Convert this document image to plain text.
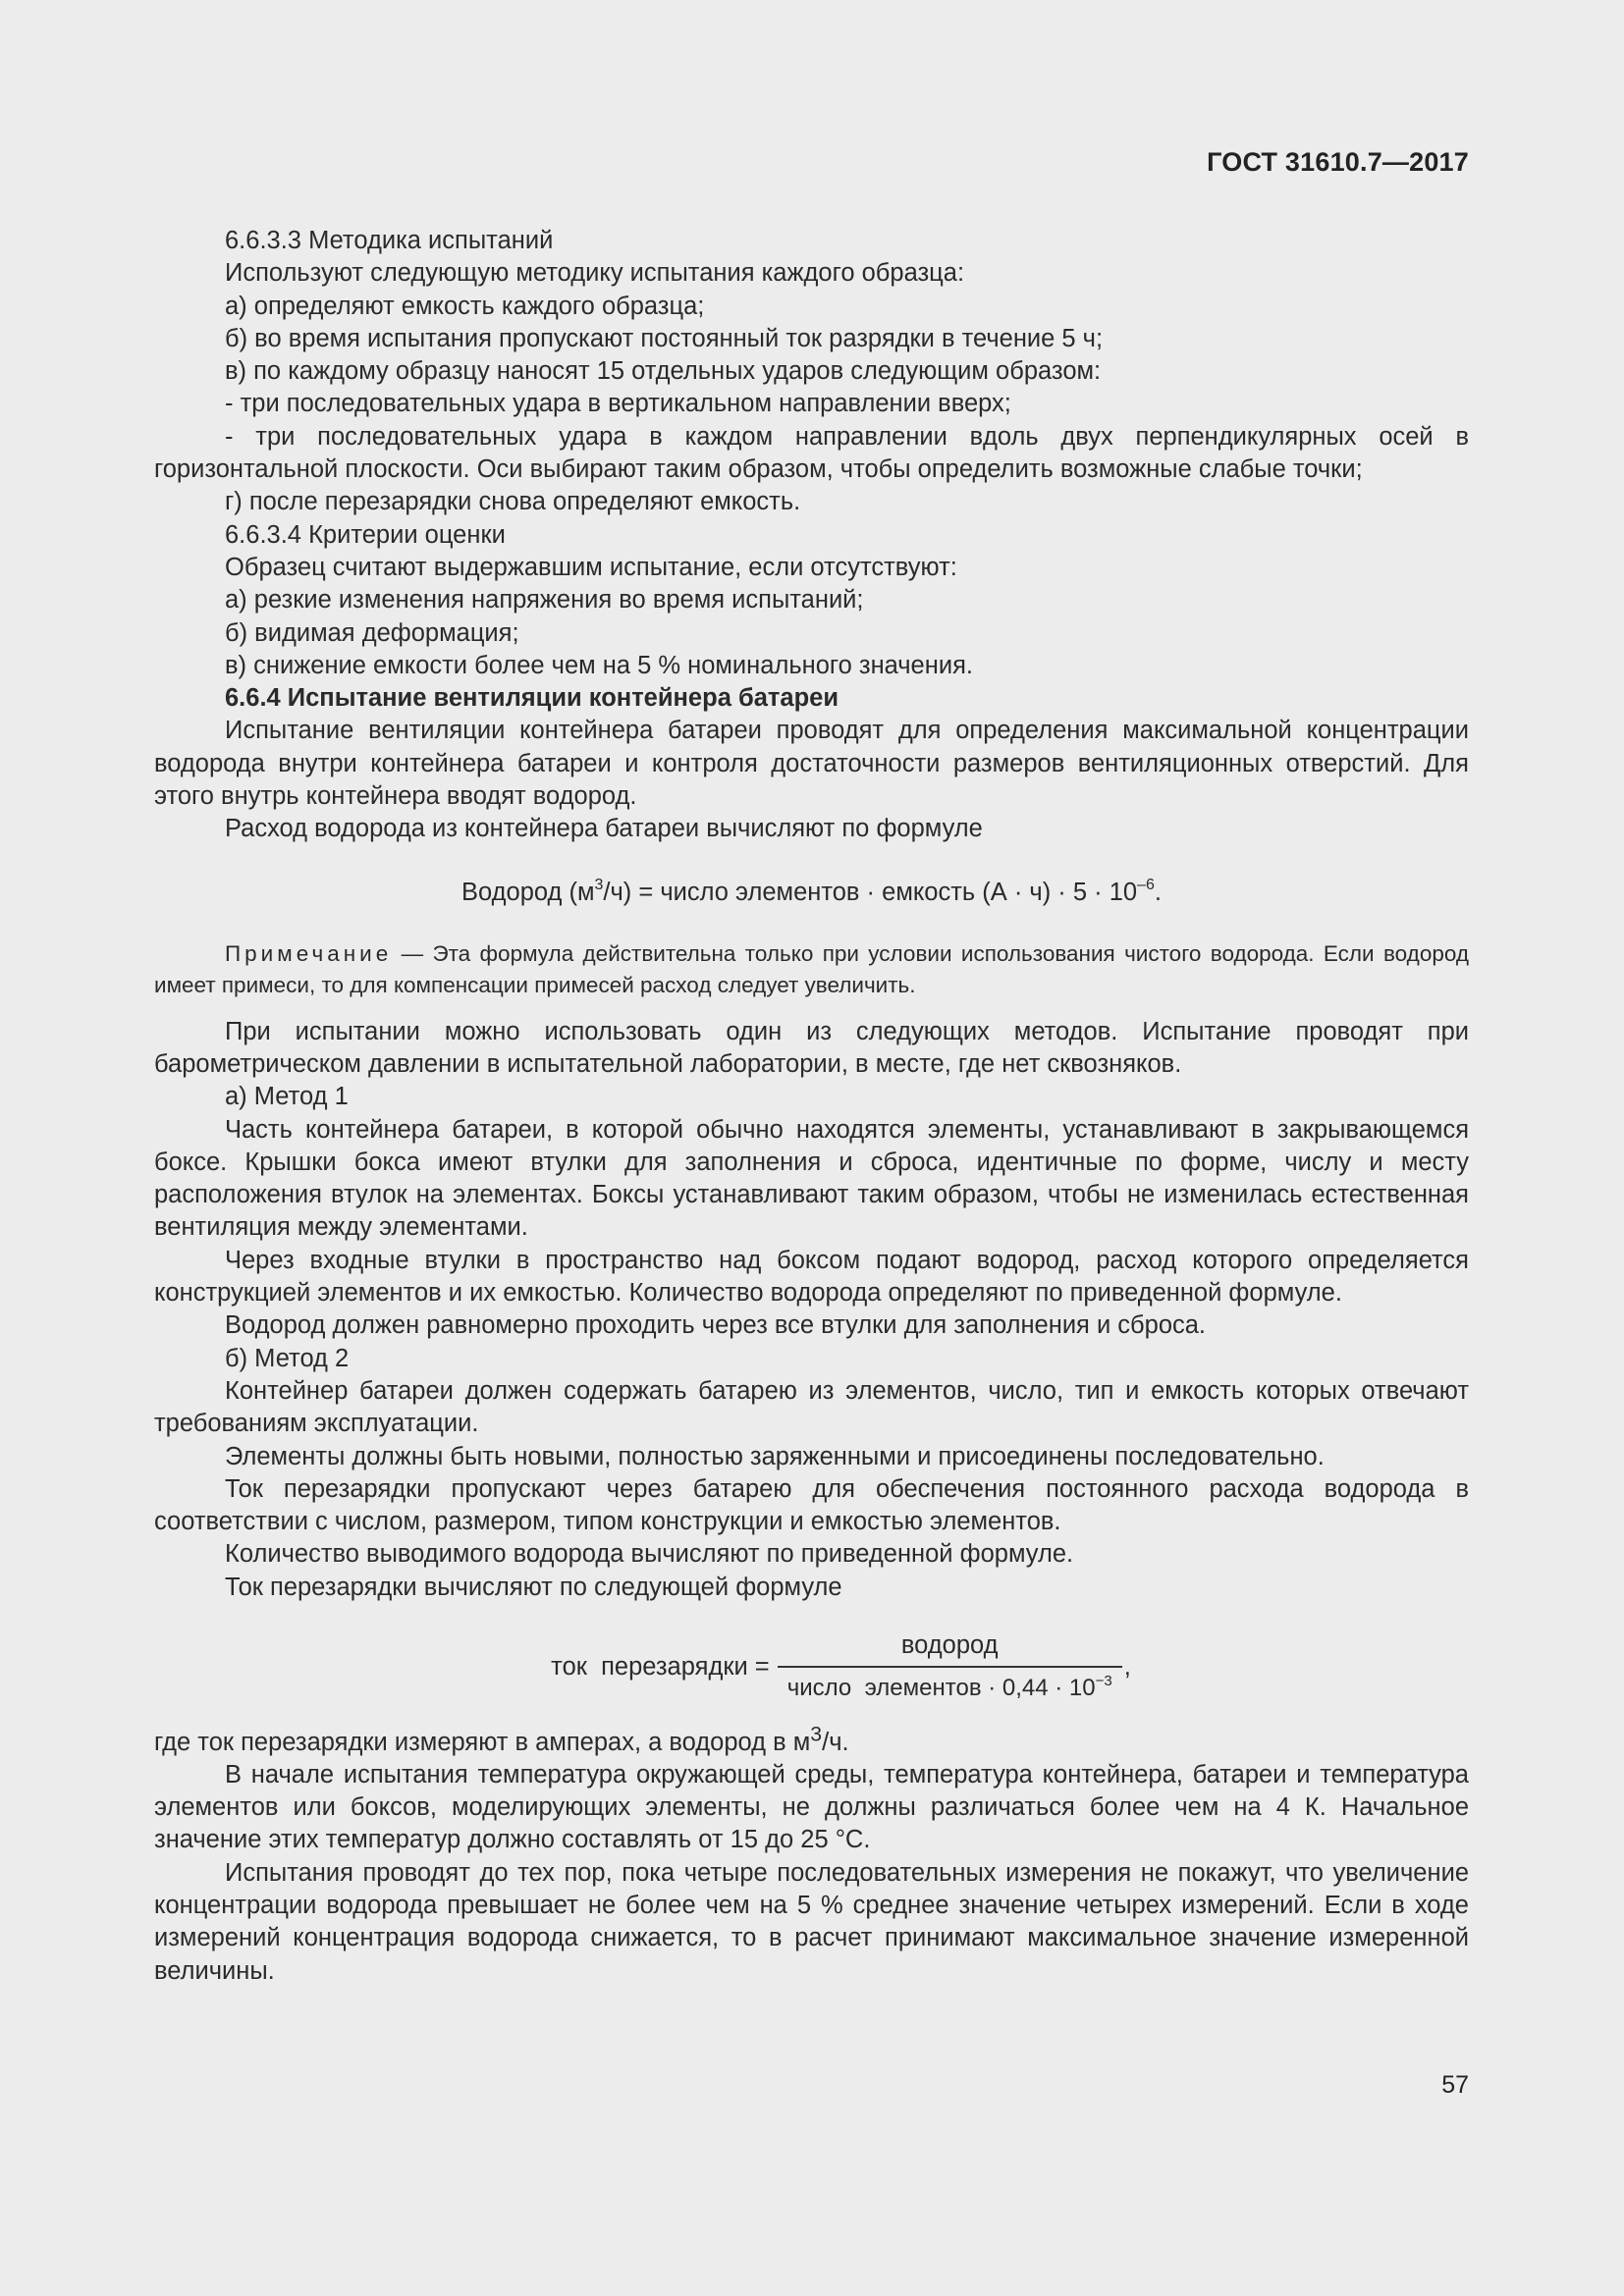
ГОСТ 31610.7—2017

6.6.3.3 Методика испытаний

Используют следующую методику испытания каждого образца:

а) определяют емкость каждого образца;

б) во время испытания пропускают постоянный ток разрядки в течение 5 ч;

в) по каждому образцу наносят 15 отдельных ударов следующим образом:

- три последовательных удара в вертикальном направлении вверх;

- три последовательных удара в каждом направлении вдоль двух перпендикулярных осей в горизонтальной плоскости. Оси выбирают таким образом, чтобы определить возможные слабые точки;

г) после перезарядки снова определяют емкость.

6.6.3.4 Критерии оценки

Образец считают выдержавшим испытание, если отсутствуют:

а) резкие изменения напряжения во время испытаний;

б) видимая деформация;

в) снижение емкости более чем на 5 % номинального значения.

6.6.4 Испытание вентиляции контейнера батареи

Испытание вентиляции контейнера батареи проводят для определения максимальной концентрации водорода внутри контейнера батареи и контроля достаточности размеров вентиляционных отверстий. Для этого внутрь контейнера вводят водород.

Расход водорода из контейнера батареи вычисляют по формуле

Водород $(м^3/ч)$ = число элементов · емкость $(А \cdot ч) \cdot 5 \cdot 10^{-6}$.

Примечание — Эта формула действительна только при условии использования чистого водорода. Если водород имеет примеси, то для компенсации примесей расход следует увеличить.

При испытании можно использовать один из следующих методов. Испытание проводят при барометрическом давлении в испытательной лаборатории, в месте, где нет сквозняков.

а) Метод 1

Часть контейнера батареи, в которой обычно находятся элементы, устанавливают в закрывающемся боксе. Крышки бокса имеют втулки для заполнения и сброса, идентичные по форме, числу и месту расположения втулок на элементах. Боксы устанавливают таким образом, чтобы не изменилась естественная вентиляция между элементами.

Через входные втулки в пространство над боксом подают водород, расход которого определяется конструкцией элементов и их емкостью. Количество водорода определяют по приведенной формуле.

Водород должен равномерно проходить через все втулки для заполнения и сброса.

б) Метод 2

Контейнер батареи должен содержать батарею из элементов, число, тип и емкость которых отвечают требованиям эксплуатации.

Элементы должны быть новыми, полностью заряженными и присоединены последовательно.

Ток перезарядки пропускают через батарею для обеспечения постоянного расхода водорода в соответствии с числом, размером, типом конструкции и емкостью элементов.

Количество выводимого водорода вычисляют по приведенной формуле.

Ток перезарядки вычисляют по следующей формуле

ток  перезарядки = $\frac{\text{водород}}{число элементов \cdot 0,44 \cdot 10^{-3}}$ ,

где ток перезарядки измеряют в амперах, а водород в $м^3/ч$.

В начале испытания температура окружающей среды, температура контейнера, батареи и температура элементов или боксов, моделирующих элементы, не должны различаться более чем на 4 К. Начальное значение этих температур должно составлять от 15 до 25 °С.

Испытания проводят до тех пор, пока четыре последовательных измерения не покажут, что увеличение концентрации водорода превышает не более чем на 5 % среднее значение четырех измерений. Если в ходе измерений концентрация водорода снижается, то в расчет принимают максимальное значение измеренной величины.

57
